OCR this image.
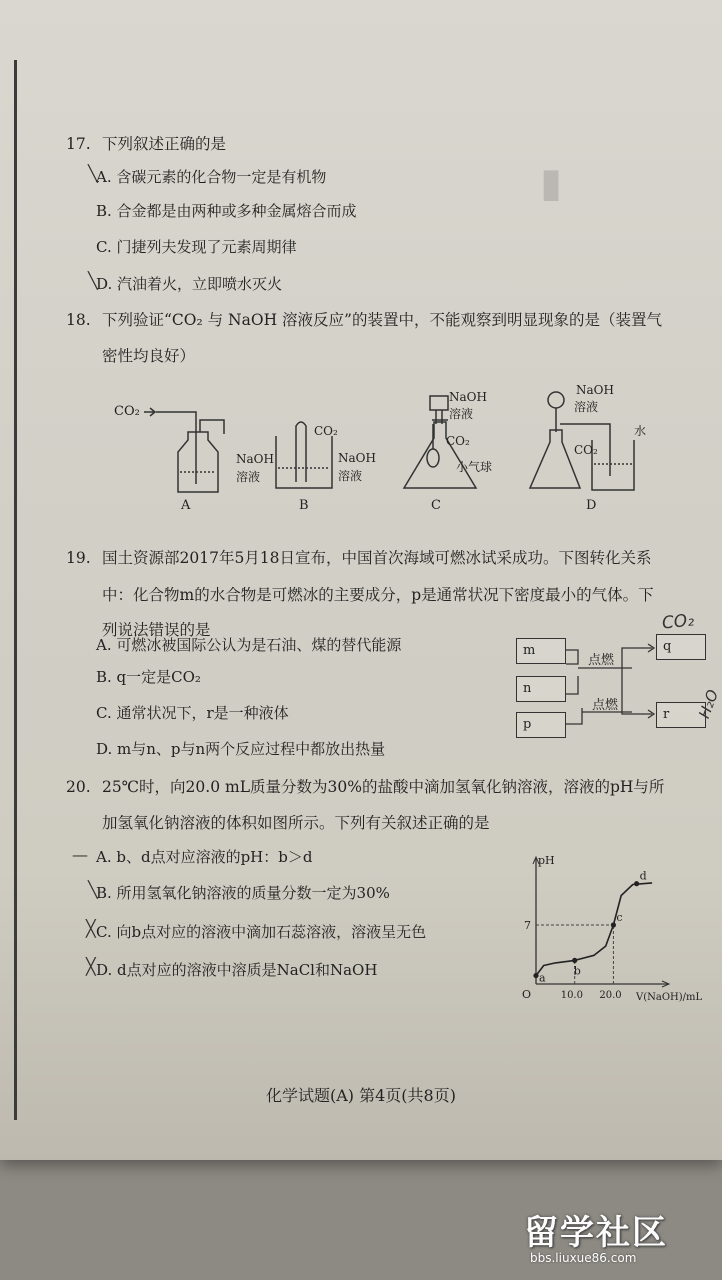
▮
17. 下列叙述正确的是
A. 含碳元素的化合物一定是有机物
B. 合金都是由两种或多种金属熔合而成
C. 门捷列夫发现了元素周期律
D. 汽油着火，立即喷水灭火
╲
╲
18. 下列验证“CO₂ 与 NaOH 溶液反应”的装置中，不能观察到明显现象的是（装置气
密性均良好）
CO₂
NaOH
溶液
A
CO₂
NaOH
溶液
B
NaOH
溶液
CO₂
小气球
C
NaOH
溶液
CO₂
水
D
19. 国土资源部2017年5月18日宣布，中国首次海域可燃冰试采成功。下图转化关系
中：化合物m的水合物是可燃冰的主要成分，p是通常状况下密度最小的气体。下
列说法错误的是
A. 可燃冰被国际公认为是石油、煤的替代能源
B. q一定是CO₂
C. 通常状况下，r是一种液体
D. m与n、p与n两个反应过程中都放出热量
m
n
p
q
r
点燃
点燃
CO₂
H₂O
20. 25℃时，向20.0 mL质量分数为30%的盐酸中滴加氢氧化钠溶液，溶液的pH与所
加氢氧化钠溶液的体积如图所示。下列有关叙述正确的是
A. b、d点对应溶液的pH：b＞d
B. 所用氢氧化钠溶液的质量分数一定为30%
C. 向b点对应的溶液中滴加石蕊溶液，溶液呈无色
D. d点对应的溶液中溶质是NaCl和NaOH
—
╲
╳
╳
pH
V(NaOH)/mL
O
7
10.0 20.0
a
b
c
d
化学试题(A) 第4页(共8页)
留学社区
bbs.liuxue86.com
